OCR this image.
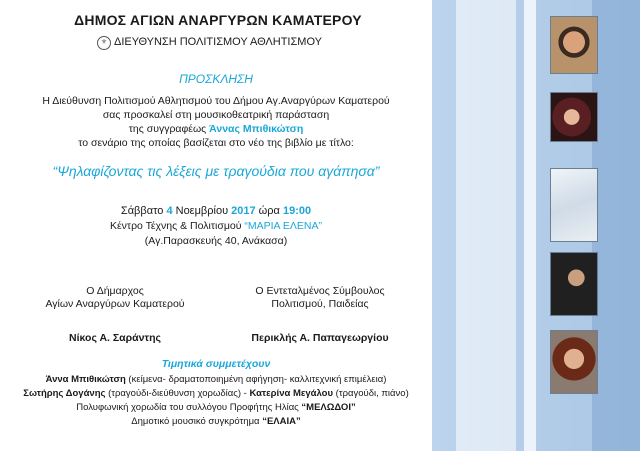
ΔΗΜΟΣ ΑΓΙΩΝ ΑΝΑΡΓΥΡΩΝ ΚΑΜΑΤΕΡΟΥ
⚜ ΔΙΕΥΘΥΝΣΗ ΠΟΛΙΤΙΣΜΟΥ ΑΘΛΗΤΙΣΜΟΥ
ΠΡΟΣΚΛΗΣΗ
Η Διεύθυνση Πολιτισμού Αθλητισμού του Δήμου Αγ.Αναργύρων Καματερού
σας προσκαλεί στη μουσικοθεατρική παράσταση
της συγγραφέως Άννας Μπιθικώτση
το σενάριο της οποίας βασίζεται στο νέο της βιβλίο με τίτλο:
“Ψηλαφίζοντας τις λέξεις με τραγούδια που αγάπησα”
Σάββατο 4 Νοεμβρίου 2017 ώρα 19:00
Κέντρο Τέχνης & Πολιτισμού “ΜΑΡΙΑ ΕΛΕΝΑ”
(Αγ.Παρασκευής 40, Ανάκασα)
Ο Δήμαρχος
Αγίων Αναργύρων Καματερού
Νίκος Α. Σαράντης
Ο Εντεταλμένος Σύμβουλος
Πολιτισμού, Παιδείας
Περικλής Α. Παπαγεωργίου
Τιμητικά συμμετέχουν
Άννα Μπιθικώτση (κείμενα- δραματοποιημένη αφήγηση- καλλιτεχνική επιμέλεια)
Σωτήρης Δογάνης (τραγούδι-διεύθυνση χορωδίας) - Κατερίνα Μεγάλου (τραγούδι, πιάνο)
Πολυφωνική χορωδία του συλλόγου Προφήτης Ηλίας “ΜΕΛΩΔΟΙ”
Δημοτικό μουσικό συγκρότημα “ΕΛΑΙΑ”
